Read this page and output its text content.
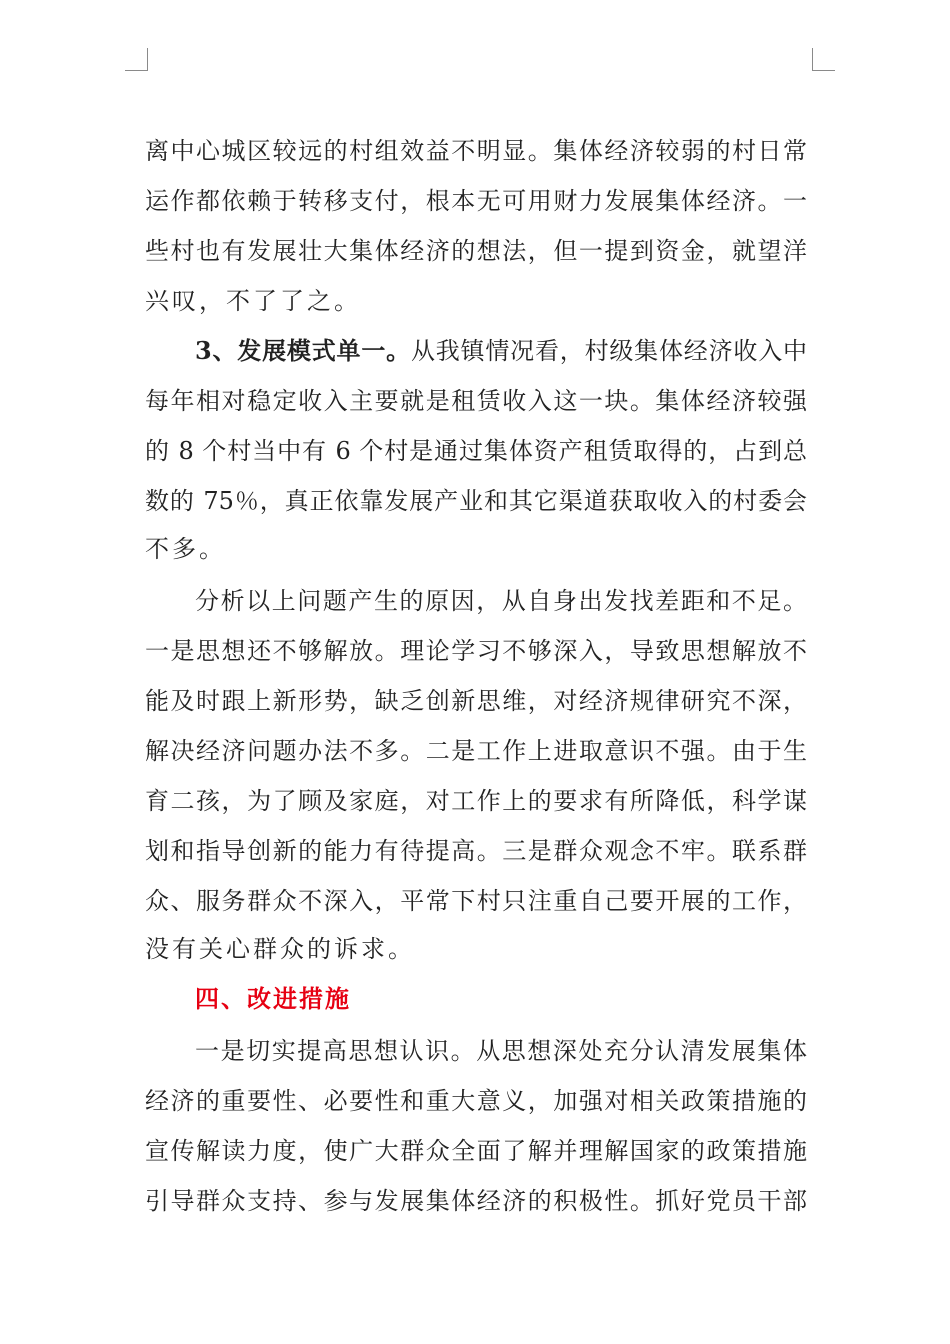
离中心城区较远的村组效益不明显。集体经济较弱的村日常
运作都依赖于转移支付，根本无可用财力发展集体经济。一
些村也有发展壮大集体经济的想法，但一提到资金，就望洋
兴叹，不了了之。
3、发展模式单一。从我镇情况看，村级集体经济收入中
每年相对稳定收入主要就是租赁收入这一块。集体经济较强
的 8 个村当中有 6 个村是通过集体资产租赁取得的，占到总
数的 75％，真正依靠发展产业和其它渠道获取收入的村委会
不多。
分析以上问题产生的原因，从自身出发找差距和不足。
一是思想还不够解放。理论学习不够深入，导致思想解放不
能及时跟上新形势，缺乏创新思维，对经济规律研究不深，
解决经济问题办法不多。二是工作上进取意识不强。由于生
育二孩，为了顾及家庭，对工作上的要求有所降低，科学谋
划和指导创新的能力有待提高。三是群众观念不牢。联系群
众、服务群众不深入，平常下村只注重自己要开展的工作，
没有关心群众的诉求。
四、改进措施
一是切实提高思想认识。从思想深处充分认清发展集体
经济的重要性、必要性和重大意义，加强对相关政策措施的
宣传解读力度，使广大群众全面了解并理解国家的政策措施
引导群众支持、参与发展集体经济的积极性。抓好党员干部
